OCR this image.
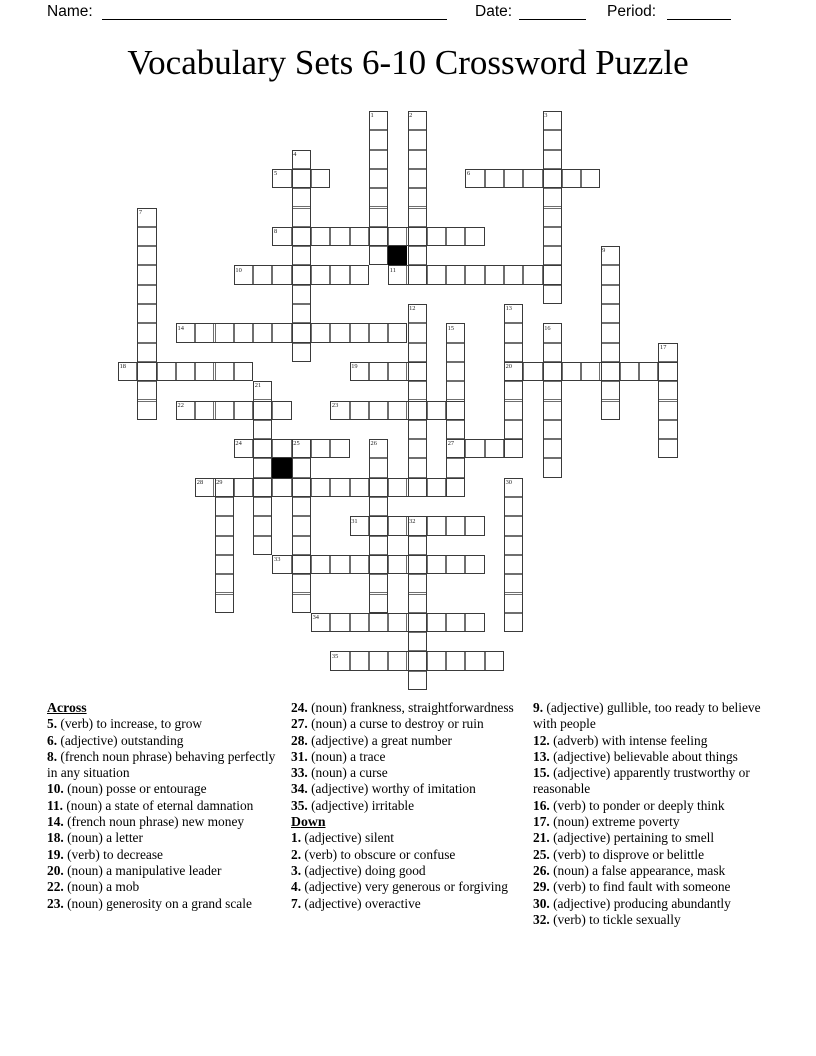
Name:	Date:	Period:
Vocabulary Sets 6-10 Crossword Puzzle
1	2	3
4
5	6
7
8
9
10	11
12	13
14	15	16
17
18	19	20
21
22	23
24	25	26	27
28 29	30
31	32
33
34
35
Across
5. (verb) to increase, to grow
6. (adjective) outstanding
8. (french noun phrase) behaving perfectly in any situation
10. (noun) posse or entourage
11. (noun) a state of eternal damnation
14. (french noun phrase) new money
18. (noun) a letter
19. (verb) to decrease
20. (noun) a manipulative leader
22. (noun) a mob
23. (noun) generosity on a grand scale
24. (noun) frankness, straightforwardness
27. (noun) a curse to destroy or ruin
28. (adjective) a great number
31. (noun) a trace
33. (noun) a curse
34. (adjective) worthy of imitation
35. (adjective) irritable
Down
1. (adjective) silent
2. (verb) to obscure or confuse
3. (adjective) doing good
4. (adjective) very generous or forgiving
7. (adjective) overactive
9. (adjective) gullible, too ready to believe with people
12. (adverb) with intense feeling
13. (adjective) believable about things
15. (adjective) apparently trustworthy or reasonable
16. (verb) to ponder or deeply think
17. (noun) extreme poverty
21. (adjective) pertaining to smell
25. (verb) to disprove or belittle
26. (noun) a false appearance, mask
29. (verb) to find fault with someone
30. (adjective) producing abundantly
32. (verb) to tickle sexually
